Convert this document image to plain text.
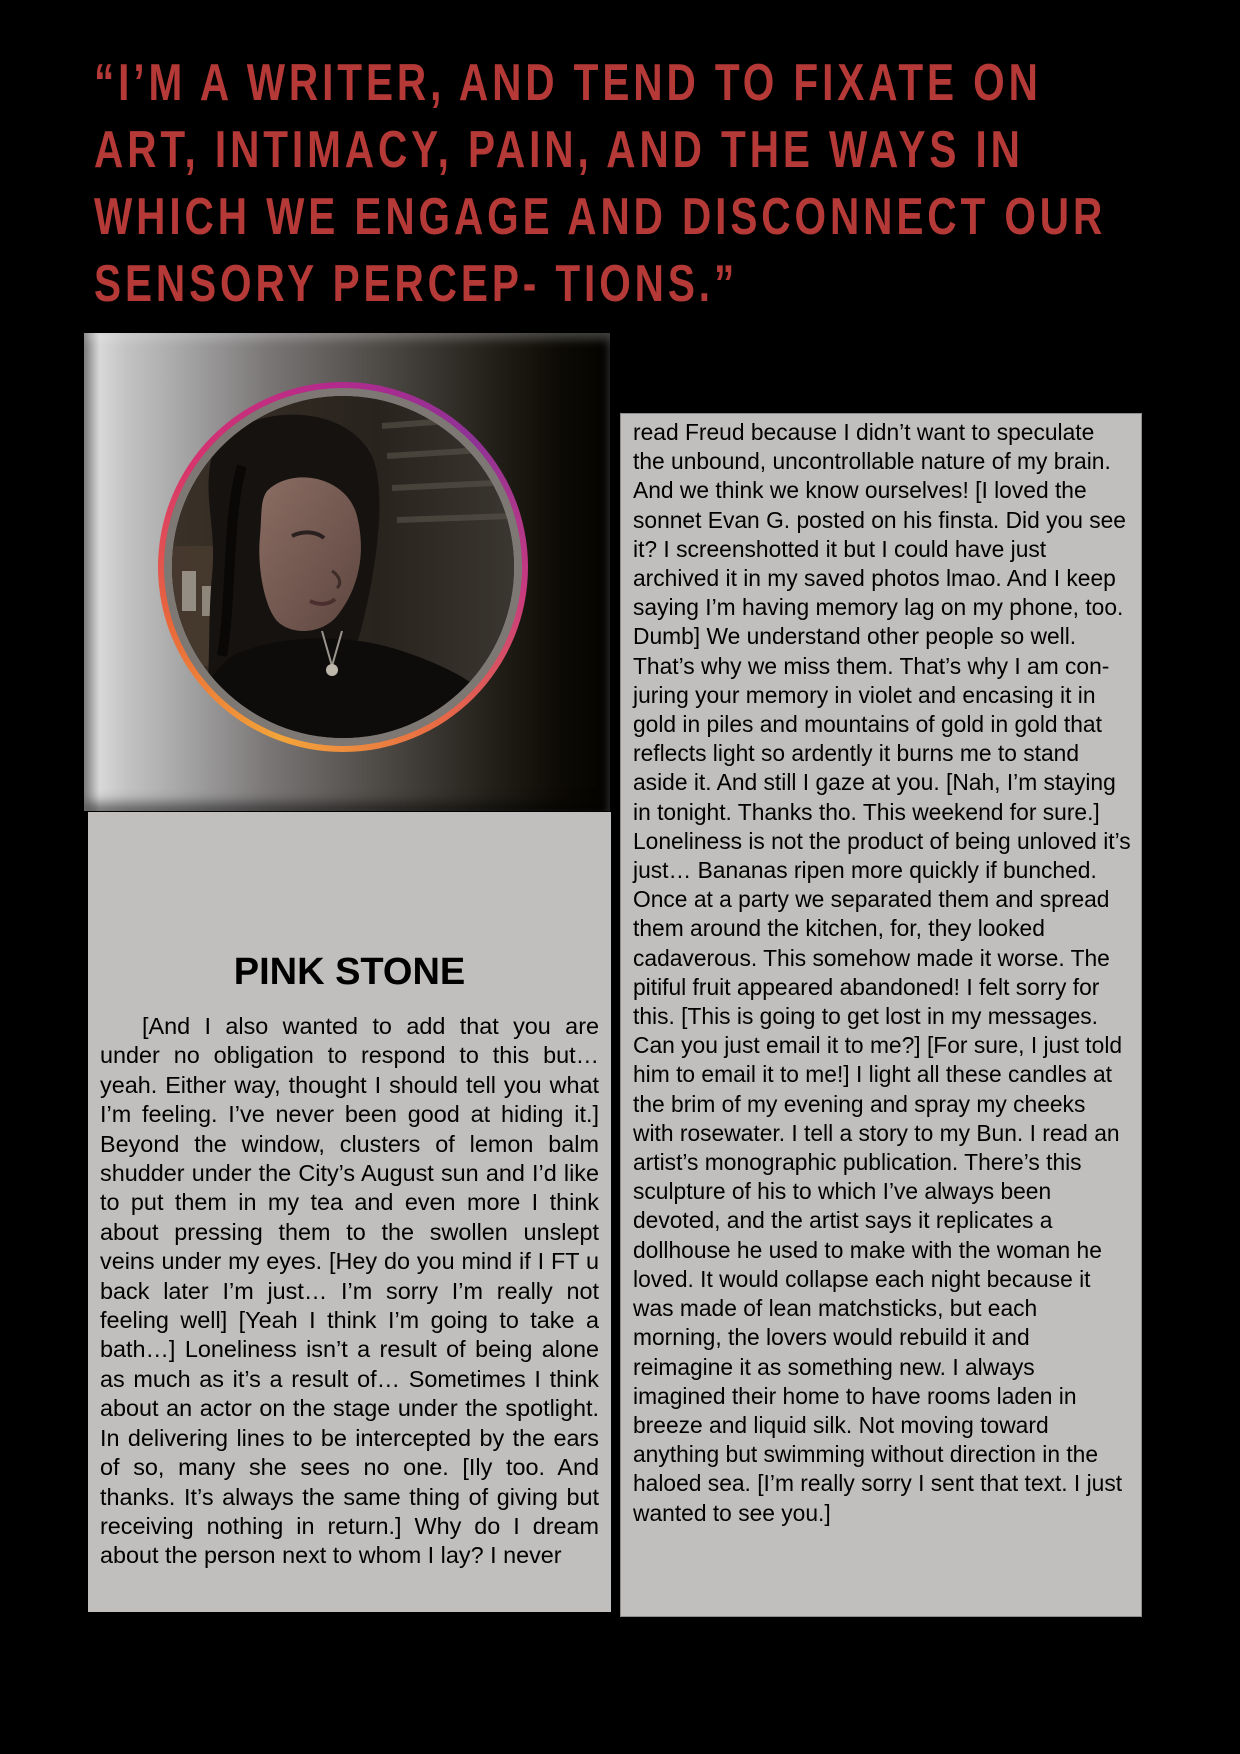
“I’M A WRITER, AND TEND TO FIXATE ON ART, INTIMACY, PAIN, AND THE WAYS IN WHICH WE ENGAGE AND DISCONNECT OUR SENSORY PERCEP- TIONS.”
PINK STONE

[And I also wanted to add that you are under no obligation to respond to this but… yeah. Either way, thought I should tell you what I’m feeling. I’ve never been good at hiding it.] Beyond the window, clusters of lemon balm shudder under the City’s August sun and I’d like to put them in my tea and even more I think about pressing them to the swollen unslept veins under my eyes. [Hey do you mind if I FT u back later I’m just… I’m sorry I’m really not feeling well] [Yeah I think I’m going to take a bath…] Loneliness isn’t a result of being alone as much as it’s a result of… Sometimes I think about an actor on the stage under the spotlight. In delivering lines to be intercepted by the ears of so, many she sees no one. [Ily too. And thanks. It’s always the same thing of giving but receiving nothing in return.] Why do I dream about the person next to whom I lay? I never

read Freud because I didn’t want to speculate the unbound, uncontrollable nature of my brain. And we think we know ourselves! [I loved the sonnet Evan G. posted on his finsta. Did you see it? I screenshotted it but I could have just archived it in my saved photos lmao. And I keep saying I’m having memory lag on my phone, too. Dumb] We understand other people so well. That’s why we miss them. That’s why I am conjuring your memory in violet and encasing it in gold in piles and mountains of gold in gold that reflects light so ardently it burns me to stand aside it. And still I gaze at you. [Nah, I’m staying in tonight. Thanks tho. This weekend for sure.] Loneliness is not the product of being unloved it’s just… Bananas ripen more quickly if bunched. Once at a party we separated them and spread them around the kitchen, for, they looked cadaverous. This somehow made it worse. The pitiful fruit appeared abandoned! I felt sorry for this. [This is going to get lost in my messages. Can you just email it to me?] [For sure, I just told him to email it to me!] I light all these candles at the brim of my evening and spray my cheeks with rosewater. I tell a story to my Bun. I read an artist’s monographic publication. There’s this sculpture of his to which I’ve always been devoted, and the artist says it replicates a dollhouse he used to make with the woman he loved. It would collapse each night because it was made of lean matchsticks, but each morning, the lovers would rebuild it and reimagine it as something new. I always imagined their home to have rooms laden in breeze and liquid silk. Not moving toward anything but swimming without direction in the haloed sea. [I’m really sorry I sent that text. I just wanted to see you.]
